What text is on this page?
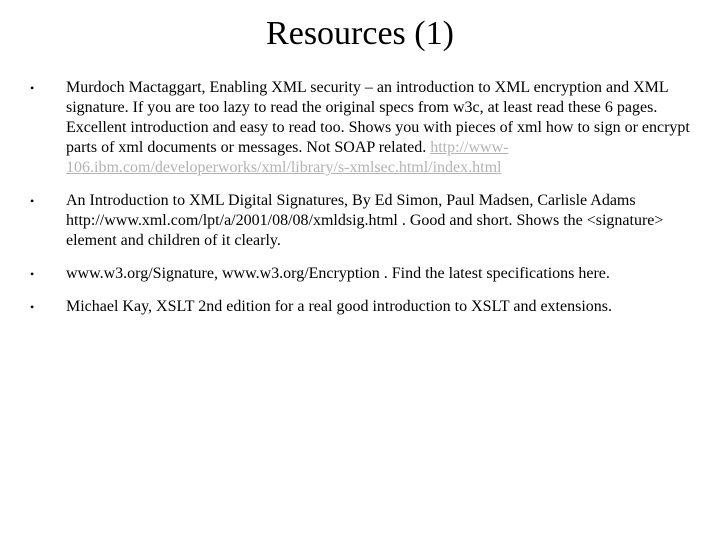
Resources (1)
• Murdoch Mactaggart, Enabling XML security – an introduction to XML encryption and XML signature. If you are too lazy to read the original specs from w3c, at least read these 6 pages. Excellent introduction and easy to read too. Shows you with pieces of xml how to sign or encrypt parts of xml documents or messages. Not SOAP related. http://www-106.ibm.com/developerworks/xml/library/s-xmlsec.html/index.html
• An Introduction to XML Digital Signatures, By Ed Simon, Paul Madsen, Carlisle Adams http://www.xml.com/lpt/a/2001/08/08/xmldsig.html . Good and short. Shows the <signature> element and children of it clearly.
• www.w3.org/Signature, www.w3.org/Encryption . Find the latest specifications here.
• Michael Kay, XSLT 2nd edition for a real good introduction to XSLT and extensions.
